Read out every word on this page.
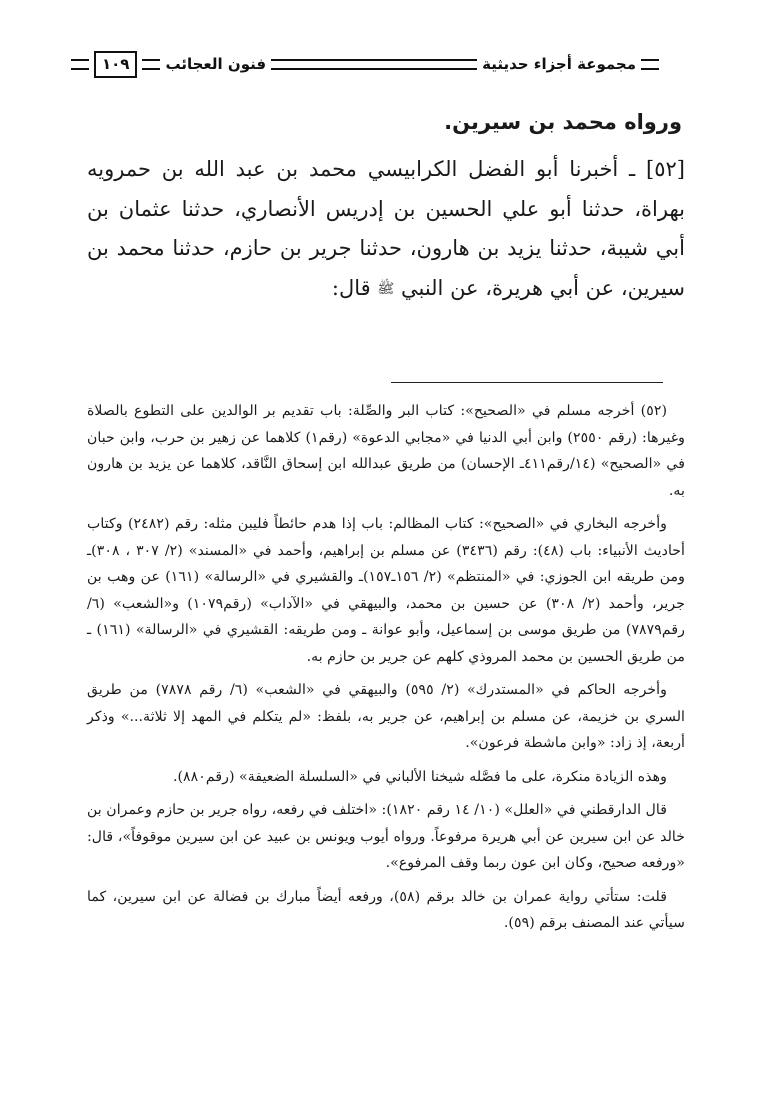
مجموعة أجزاء حديثية
فنون العجائب
١٠٩

ورواه محمد بن سيرين.

[٥٢] ـ أخبرنا أبو الفضل الكرابيسي محمد بن عبد الله بن حمرويه بهراة، حدثنا أبو علي الحسين بن إدريس الأنصاري، حدثنا عثمان بن أبي شيبة، حدثنا يزيد بن هارون، حدثنا جرير بن حازم، حدثنا محمد بن سيرين، عن أبي هريرة، عن النبي ﷺ قال:

(٥٢) أخرجه مسلم في «الصحيح»: كتاب البر والصِّلة: باب تقديم بر الوالدين على التطوع بالصلاة وغيرها: (رقم ٢٥٥٠) وابن أبي الدنيا في «مجابي الدعوة» (رقم١) كلاهما عن زهير بن حرب، وابن حبان في «الصحيح» (١٤/رقم٤١١ـ الإحسان) من طريق عبدالله ابن إسحاق النَّاقد، كلاهما عن يزيد بن هارون به.

وأخرجه البخاري في «الصحيح»: كتاب المظالم: باب إذا هدم حائطاً فليبن مثله: رقم (٢٤٨٢) وكتاب أحاديث الأنبياء: باب (٤٨): رقم (٣٤٣٦) عن مسلم بن إبراهيم، وأحمد في «المسند» (٢/ ٣٠٧ ، ٣٠٨)ـ ومن طريقه ابن الجوزي: في «المنتظم» (٢/ ١٥٦ـ١٥٧)ـ والقشيري في «الرسالة» (١٦١) عن وهب بن جرير، وأحمد (٢/ ٣٠٨) عن حسين بن محمد، والبيهقي في «الآداب» (رقم١٠٧٩) و«الشعب» (٦/ رقم٧٨٧٩) من طريق موسى بن إسماعيل، وأبو عوانة ـ ومن طريقه: القشيري في «الرسالة» (١٦١) ـ من طريق الحسين بن محمد المروذي كلهم عن جرير بن حازم به.

وأخرجه الحاكم في «المستدرك» (٢/ ٥٩٥) والبيهقي في «الشعب» (٦/ رقم ٧٨٧٨) من طريق السري بن خزيمة، عن مسلم بن إبراهيم، عن جرير به، بلفظ: «لم يتكلم في المهد إلا ثلاثة...» وذكر أربعة، إذ زاد: «وابن ماشطة فرعون».

وهذه الزيادة منكرة، على ما فصَّله شيخنا الألباني في «السلسلة الضعيفة» (رقم٨٨٠).

قال الدارقطني في «العلل» (١٠/ ١٤ رقم ١٨٢٠): «اختلف في رفعه، رواه جرير بن حازم وعمران بن خالد عن ابن سيرين عن أبي هريرة مرفوعاً. ورواه أيوب ويونس بن عبيد عن ابن سيرين موقوفاً»، قال: «ورفعه صحيح، وكان ابن عون ربما وقف المرفوع».

قلت: ستأتي رواية عمران بن خالد برقم (٥٨)، ورفعه أيضاً مبارك بن فضالة عن ابن سيرين، كما سيأتي عند المصنف برقم (٥٩).
